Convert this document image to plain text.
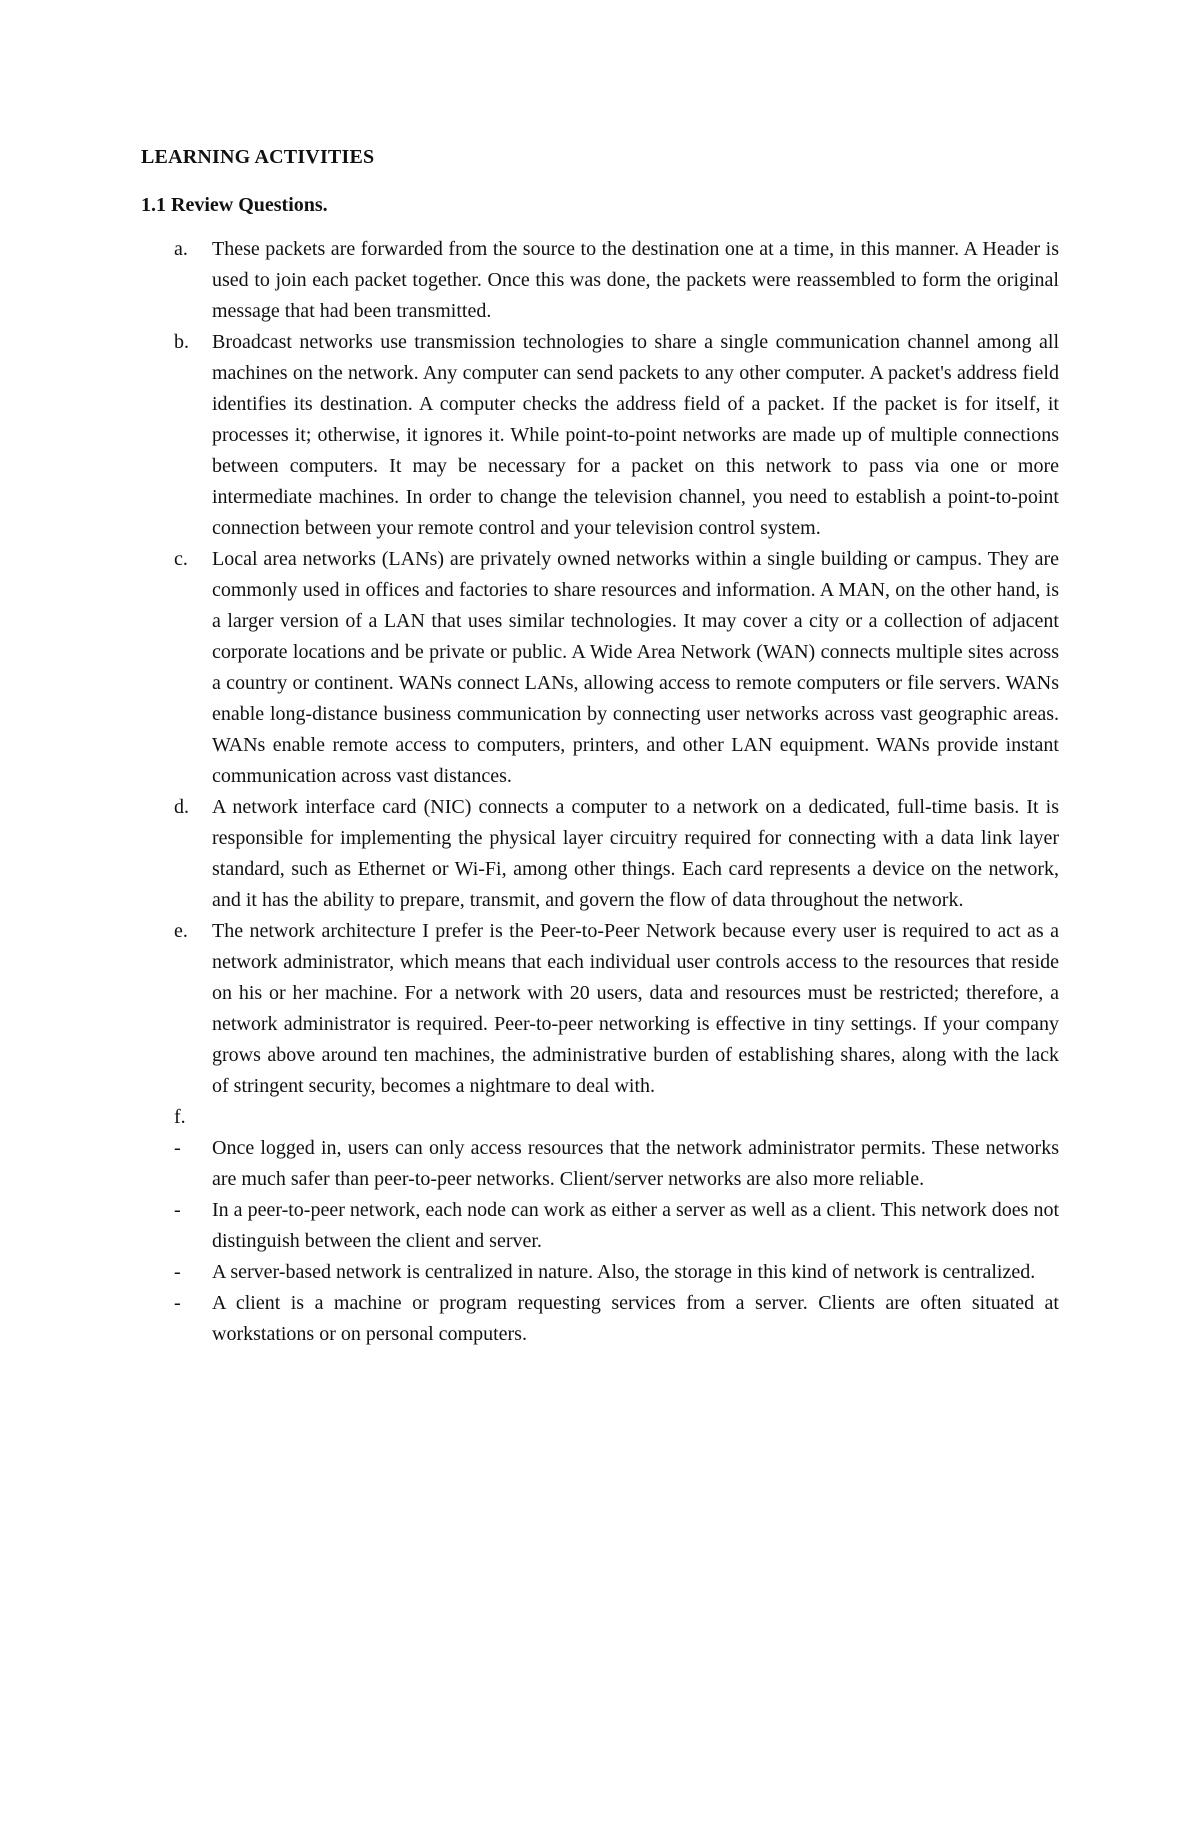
LEARNING ACTIVITIES
1.1 Review Questions.
a. These packets are forwarded from the source to the destination one at a time, in this manner. A Header is used to join each packet together. Once this was done, the packets were reassembled to form the original message that had been transmitted.
b. Broadcast networks use transmission technologies to share a single communication channel among all machines on the network. Any computer can send packets to any other computer. A packet's address field identifies its destination. A computer checks the address field of a packet. If the packet is for itself, it processes it; otherwise, it ignores it. While point-to-point networks are made up of multiple connections between computers. It may be necessary for a packet on this network to pass via one or more intermediate machines. In order to change the television channel, you need to establish a point-to-point connection between your remote control and your television control system.
c. Local area networks (LANs) are privately owned networks within a single building or campus. They are commonly used in offices and factories to share resources and information. A MAN, on the other hand, is a larger version of a LAN that uses similar technologies. It may cover a city or a collection of adjacent corporate locations and be private or public. A Wide Area Network (WAN) connects multiple sites across a country or continent. WANs connect LANs, allowing access to remote computers or file servers. WANs enable long-distance business communication by connecting user networks across vast geographic areas. WANs enable remote access to computers, printers, and other LAN equipment. WANs provide instant communication across vast distances.
d. A network interface card (NIC) connects a computer to a network on a dedicated, full-time basis. It is responsible for implementing the physical layer circuitry required for connecting with a data link layer standard, such as Ethernet or Wi-Fi, among other things. Each card represents a device on the network, and it has the ability to prepare, transmit, and govern the flow of data throughout the network.
e. The network architecture I prefer is the Peer-to-Peer Network because every user is required to act as a network administrator, which means that each individual user controls access to the resources that reside on his or her machine. For a network with 20 users, data and resources must be restricted; therefore, a network administrator is required. Peer-to-peer networking is effective in tiny settings. If your company grows above around ten machines, the administrative burden of establishing shares, along with the lack of stringent security, becomes a nightmare to deal with.
f.

- Once logged in, users can only access resources that the network administrator permits. These networks are much safer than peer-to-peer networks. Client/server networks are also more reliable.
- In a peer-to-peer network, each node can work as either a server as well as a client. This network does not distinguish between the client and server.
- A server-based network is centralized in nature. Also, the storage in this kind of network is centralized.
- A client is a machine or program requesting services from a server. Clients are often situated at workstations or on personal computers.
